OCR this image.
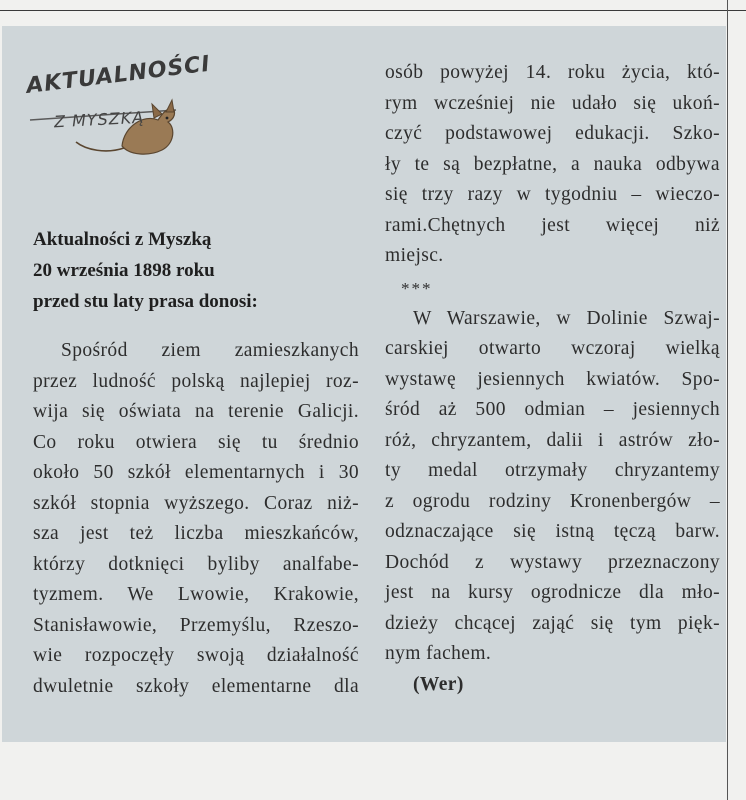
AKTUALNOŚCI
Z MYSZKĄ
Aktualności z Myszką
20 września 1898 roku
przed stu laty prasa donosi:
Spośród ziem zamieszkanych
przez ludność polską najlepiej roz-
wija się oświata na terenie Galicji.
Co roku otwiera się tu średnio
około 50 szkół elementarnych i 30
szkół stopnia wyższego. Coraz niż-
sza jest też liczba mieszkańców,
którzy dotknięci byliby analfabe-
tyzmem. We Lwowie, Krakowie,
Stanisławowie, Przemyślu, Rzeszo-
wie rozpoczęły swoją działalność
dwuletnie szkoły elementarne dla
osób powyżej 14. roku życia, któ-
rym wcześniej nie udało się ukoń-
czyć podstawowej edukacji. Szko-
ły te są bezpłatne, a nauka odbywa
się trzy razy w tygodniu – wieczo-
rami.Chętnych jest więcej niż
miejsc.
***
W Warszawie, w Dolinie Szwaj-
carskiej otwarto wczoraj wielką
wystawę jesiennych kwiatów. Spo-
śród aż 500 odmian – jesiennych
róż, chryzantem, dalii i astrów zło-
ty medal otrzymały chryzantemy
z ogrodu rodziny Kronenbergów –
odznaczające się istną tęczą barw.
Dochód z wystawy przeznaczony
jest na kursy ogrodnicze dla mło-
dzieży chcącej zająć się tym pięk-
nym fachem.
(Wer)
